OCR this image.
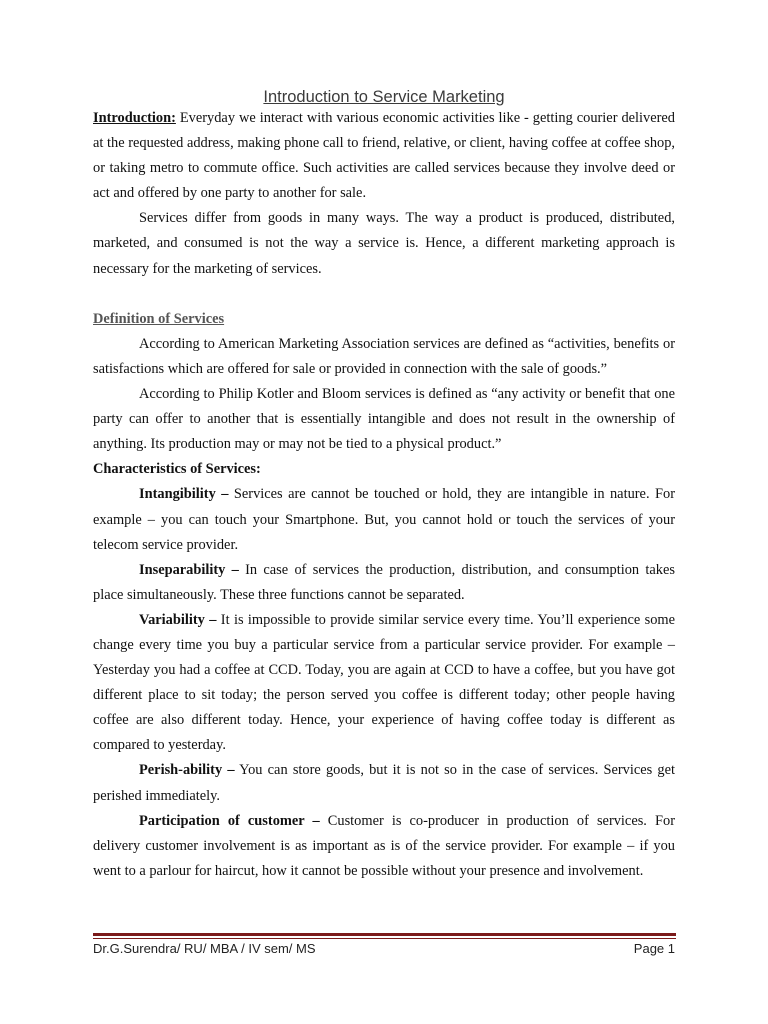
Introduction to Service Marketing

Introduction: Everyday we interact with various economic activities like - getting courier delivered at the requested address, making phone call to friend, relative, or client, having coffee at coffee shop, or taking metro to commute office. Such activities are called services because they involve deed or act and offered by one party to another for sale.

Services differ from goods in many ways. The way a product is produced, distributed, marketed, and consumed is not the way a service is. Hence, a different marketing approach is necessary for the marketing of services.

Definition of Services

According to American Marketing Association services are defined as “activities, benefits or satisfactions which are offered for sale or provided in connection with the sale of goods.”

According to Philip Kotler and Bloom services is defined as “any activity or benefit that one party can offer to another that is essentially intangible and does not result in the ownership of anything. Its production may or may not be tied to a physical product.”

Characteristics of Services:

Intangibility – Services are cannot be touched or hold, they are intangible in nature. For example – you can touch your Smartphone. But, you cannot hold or touch the services of your telecom service provider.

Inseparability – In case of services the production, distribution, and consumption takes place simultaneously. These three functions cannot be separated.

Variability – It is impossible to provide similar service every time. You’ll experience some change every time you buy a particular service from a particular service provider. For example – Yesterday you had a coffee at CCD. Today, you are again at CCD to have a coffee, but you have got different place to sit today; the person served you coffee is different today; other people having coffee are also different today. Hence, your experience of having coffee today is different as compared to yesterday.

Perish-ability – You can store goods, but it is not so in the case of services. Services get perished immediately.

Participation of customer – Customer is co-producer in production of services. For delivery customer involvement is as important as is of the service provider. For example – if you went to a parlour for haircut, how it cannot be possible without your presence and involvement.

Dr.G.Surendra/ RU/ MBA / IV sem/ MS	Page 1
